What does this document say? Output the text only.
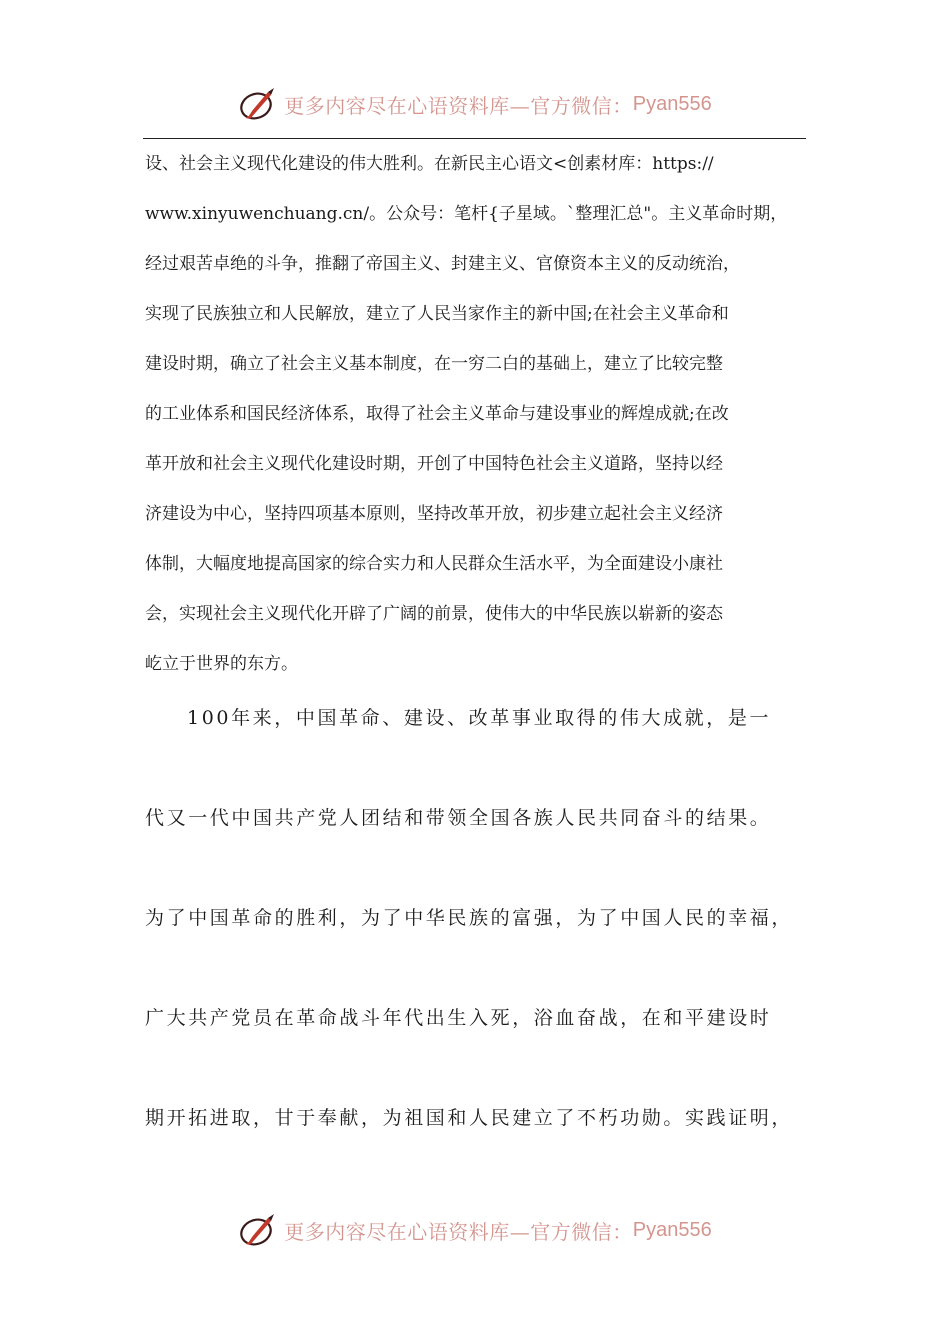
更多内容尽在心语资料库—官方微信： Pyan556
设、社会主义现代化建设的伟大胜利。在新民主心语文<创素材库：https://
www.xinyuwenchuang.cn/。公众号：笔杆{子星域。`整理汇总"。主义革命时期，
经过艰苦卓绝的斗争，推翻了帝国主义、封建主义、官僚资本主义的反动统治，
实现了民族独立和人民解放，建立了人民当家作主的新中国;在社会主义革命和
建设时期，确立了社会主义基本制度，在一穷二白的基础上，建立了比较完整
的工业体系和国民经济体系，取得了社会主义革命与建设事业的辉煌成就;在改
革开放和社会主义现代化建设时期，开创了中国特色社会主义道路，坚持以经
济建设为中心，坚持四项基本原则，坚持改革开放，初步建立起社会主义经济
体制，大幅度地提高国家的综合实力和人民群众生活水平，为全面建设小康社
会，实现社会主义现代化开辟了广阔的前景，使伟大的中华民族以崭新的姿态
屹立于世界的东方。
100年来，中国革命、建设、改革事业取得的伟大成就，是一
代又一代中国共产党人团结和带领全国各族人民共同奋斗的结果。
为了中国革命的胜利，为了中华民族的富强，为了中国人民的幸福，
广大共产党员在革命战斗年代出生入死，浴血奋战，在和平建设时
期开拓进取，甘于奉献，为祖国和人民建立了不朽功勋。实践证明，
更多内容尽在心语资料库—官方微信： Pyan556
